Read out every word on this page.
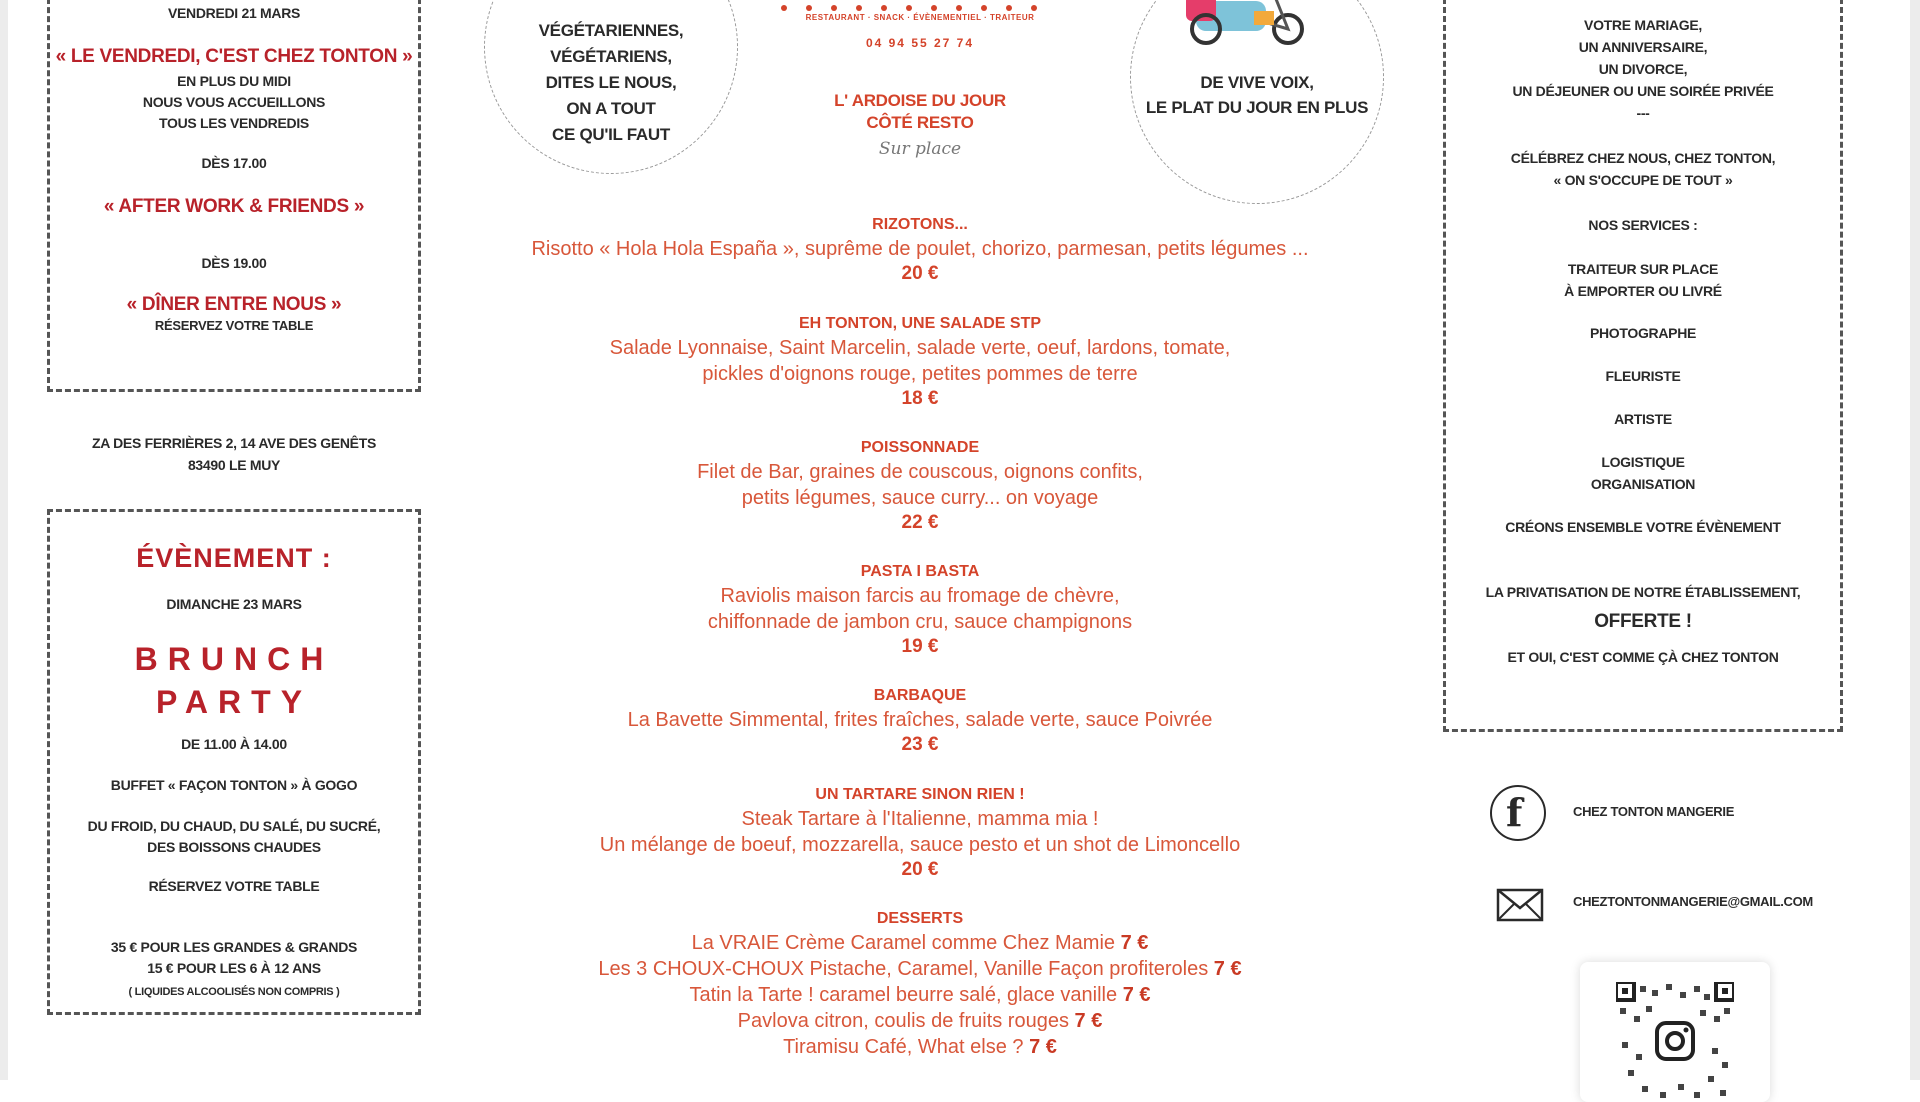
VENDREDI 21 MARS
« LE VENDREDI, C'EST CHEZ TONTON »
EN PLUS DU MIDI
NOUS VOUS ACCUEILLONS
TOUS LES VENDREDIS
DÈS 17.00
« AFTER WORK & FRIENDS »
DÈS 19.00
« DÎNER ENTRE NOUS »
RÉSERVEZ VOTRE TABLE
ZA DES FERRIÈRES 2, 14 AVE DES GENÊTS
83490 LE MUY
ÉVÈNEMENT :
DIMANCHE 23 MARS
BRUNCH
PARTY
DE 11.00 À 14.00
BUFFET « FAÇON TONTON » À GOGO
DU FROID, DU CHAUD, DU SALÉ, DU SUCRÉ,
DES BOISSONS CHAUDES
RÉSERVEZ VOTRE TABLE
35 € POUR LES GRANDES & GRANDS
15 € POUR LES 6 À 12 ANS
( LIQUIDES ALCOOLISÉS NON COMPRIS )
VÉGÉTARIENNES,
VÉGÉTARIENS,
DITES LE NOUS,
ON A TOUT
CE QU'IL FAUT
RESTAURANT · SNACK · ÉVÈNEMENTIEL · TRAITEUR
04 94 55 27 74
L' ARDOISE DU JOUR
CÔTÉ RESTO
Sur place
DE VIVE VOIX,
LE PLAT DU JOUR EN PLUS
RIZOTONS...
Risotto « Hola Hola España », suprême de poulet, chorizo, parmesan, petits légumes ...
20 €
EH TONTON, UNE SALADE STP
Salade Lyonnaise, Saint Marcelin, salade verte, oeuf, lardons, tomate,
pickles d'oignons rouge, petites pommes de terre
18 €
POISSONNADE
Filet de Bar, graines de couscous, oignons confits,
petits légumes, sauce curry... on voyage
22 €
PASTA I BASTA
Raviolis maison farcis au fromage de chèvre,
chiffonnade de jambon cru, sauce champignons
19 €
BARBAQUE
La Bavette Simmental, frites fraîches, salade verte, sauce Poivrée
23 €
UN TARTARE SINON RIEN !
Steak Tartare à l'Italienne, mamma mia !
Un mélange de boeuf, mozzarella, sauce pesto et un shot de Limoncello
20 €
DESSERTS
La VRAIE Crème Caramel comme Chez Mamie 7 €
Les 3 CHOUX-CHOUX Pistache, Caramel, Vanille Façon profiteroles 7 €
Tatin la Tarte ! caramel beurre salé, glace vanille 7 €
Pavlova citron, coulis de fruits rouges 7 €
Tiramisu Café, What else ? 7 €
VOTRE MARIAGE,
UN ANNIVERSAIRE,
UN DIVORCE,
UN DÉJEUNER OU UNE SOIRÉE PRIVÉE
---
CÉLÉBREZ CHEZ NOUS, CHEZ TONTON,
« ON S'OCCUPE DE TOUT »
NOS SERVICES :
TRAITEUR SUR PLACE
À EMPORTER OU LIVRÉ
PHOTOGRAPHE
FLEURISTE
ARTISTE
LOGISTIQUE
ORGANISATION
CRÉONS ENSEMBLE VOTRE ÉVÈNEMENT
LA PRIVATISATION DE NOTRE ÉTABLISSEMENT,
OFFERTE !
ET OUI, C'EST COMME ÇÀ CHEZ TONTON
f	CHEZ TONTON MANGERIE
CHEZTONTONMANGERIE@GMAIL.COM
